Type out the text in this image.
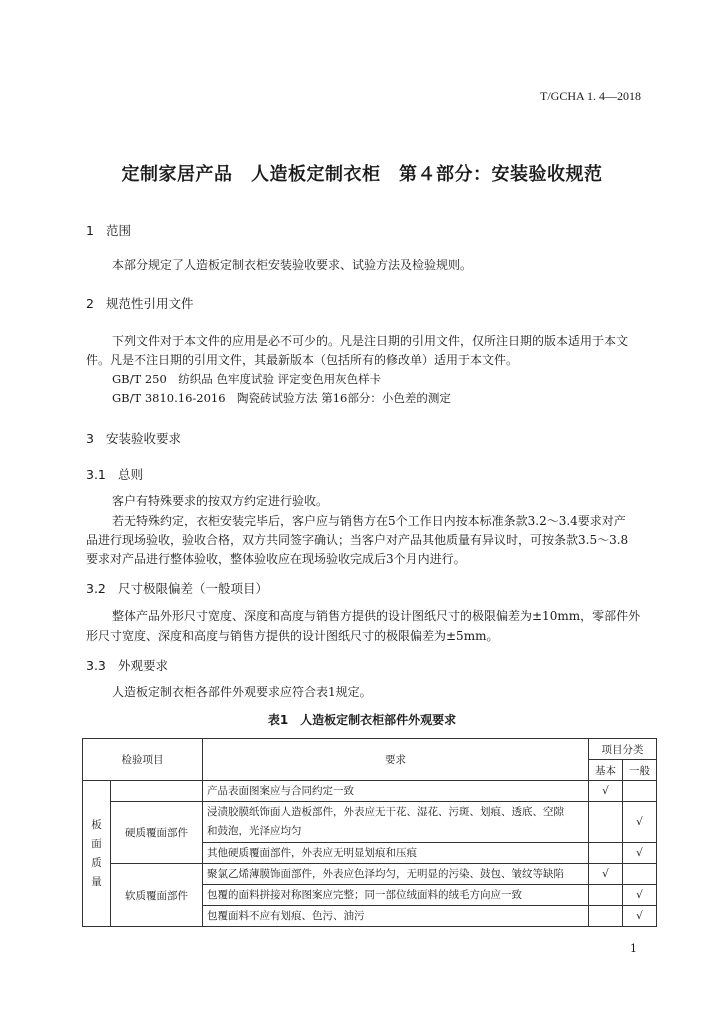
T/GCHA 1. 4—2018
定制家居产品　人造板定制衣柜　第４部分：安装验收规范
1 范围
本部分规定了人造板定制衣柜安装验收要求、试验方法及检验规则。
2 规范性引用文件
下列文件对于本文件的应用是必不可少的。凡是注日期的引用文件，仅所注日期的版本适用于本文
件。凡是不注日期的引用文件，其最新版本（包括所有的修改单）适用于本文件。
GB/T 250　纺织品 色牢度试验 评定变色用灰色样卡
GB/T 3810.16-2016　陶瓷砖试验方法 第16部分：小色差的测定
3 安装验收要求
3.1 总则
客户有特殊要求的按双方约定进行验收。
若无特殊约定，衣柜安装完毕后，客户应与销售方在5个工作日内按本标准条款3.2～3.4要求对产
品进行现场验收，验收合格，双方共同签字确认；当客户对产品其他质量有异议时，可按条款3.5～3.8
要求对产品进行整体验收，整体验收应在现场验收完成后3个月内进行。
3.2 尺寸极限偏差（一般项目）
整体产品外形尺寸宽度、深度和高度与销售方提供的设计图纸尺寸的极限偏差为±10mm，零部件外
形尺寸宽度、深度和高度与销售方提供的设计图纸尺寸的极限偏差为±5mm。
3.3 外观要求
人造板定制衣柜各部件外观要求应符合表1规定。
表1　人造板定制衣柜部件外观要求
检验项目		要求	项目分类	
			基本	一般

板面质量		产品表面图案应与合同约定一致	√	
	硬质覆面部件	浸渍胶膜纸饰面人造板部件，外表应无干花、湿花、污斑、划痕、透底、空隙
和鼓泡，光泽应均匀		√
		其他硬质覆面部件，外表应无明显划痕和压痕		√
	软质覆面部件	聚氯乙烯薄膜饰面部件，外表应色泽均匀，无明显的污染、鼓包、皱纹等缺陷	√	
		包覆的面料拼接对称图案应完整；同一部位绒面料的绒毛方向应一致		√
		包覆面料不应有划痕、色污、油污		√
1
